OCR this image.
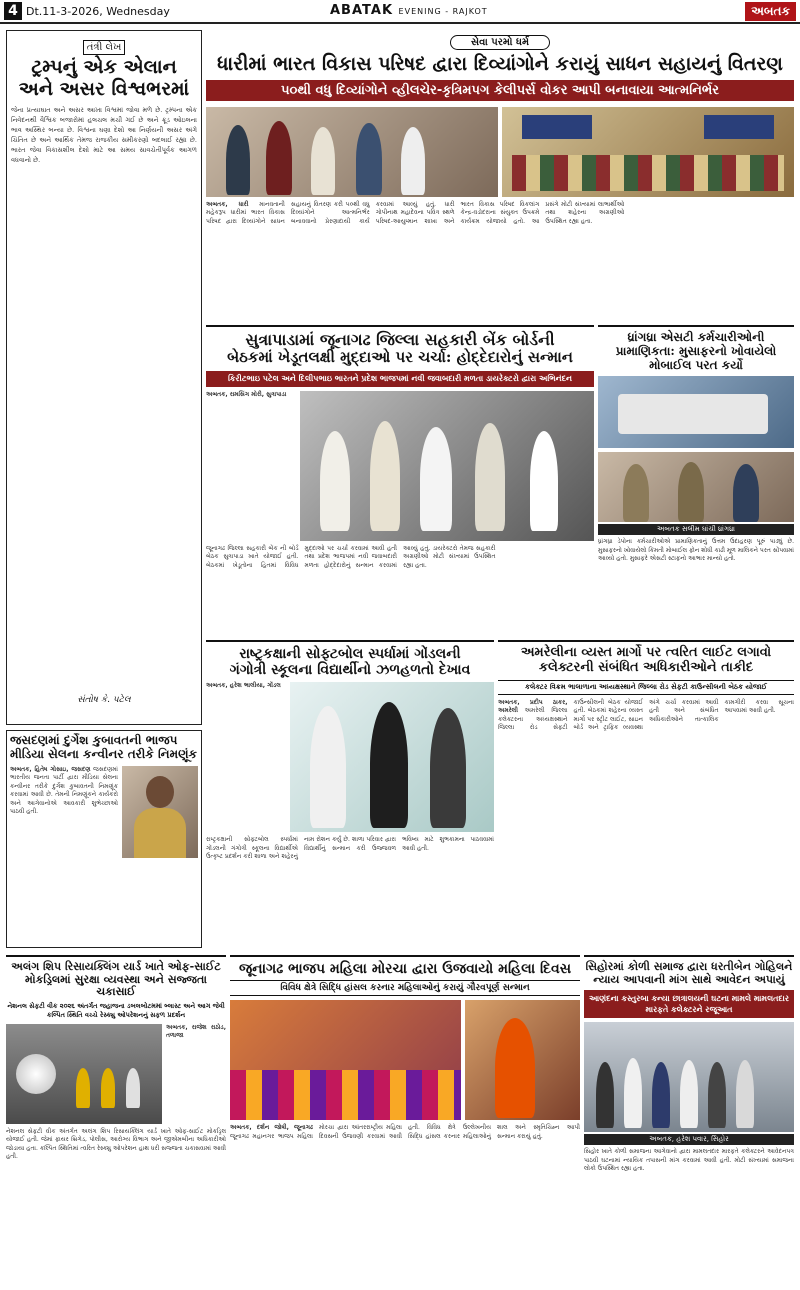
4 Dt.11-3-2026, Wednesday	ABATAK EVENING - RAJKOT	અબતક
તંત્રી લેખ
ટ્રમ્પનું એક એલાન અને અસર વિશ્વભરમાં
જેના પ્રત્યાઘાત અને અસર આખા વિશ્વમાં જોવા મળે છે. ટ્રમ્પના એક નિવેદનથી વૈશ્વિક બજારોમાં હલચલ મચી ગઈ છે અને ક્રૂડ ઓઇલના ભાવ અસ્થિર બન્યા છે. વિશ્વના ઘણા દેશો આ નિર્ણયની અસર અંગે ચિંતિત છે અને આર્થિક તેમજ રાજકીય સમીકરણો બદલાઈ રહ્યા છે. ભારત જેવા વિકાસશીલ દેશો માટે આ સમય સાવચેતીપૂર્વક આગળ વધવાનો છે.
સંતોષ કે. પટેલ
સેવા પરમો ધર્મ
ધારીમાં ભારત વિકાસ પરિષદ દ્વારા દિવ્યાંગોને કરાયું સાધન સહાયનું વિતરણ
૫૦થી વધુ દિવ્યાંગોને વ્હીલચેર-કૃત્રિમપગ કેલીપર્સ વોકર આપી બનાવાયા આત્મનિર્ભર
અબતક, ધારી માનવતાની મહેકરૂપ ધારીમાં ભારત વિકાસ પરિષદ દ્વારા દિવ્યાંગોને સાધન સહાયનું વિતરણ કરી ૫૦થી વધુ દિવ્યાંગોને આત્મનિર્ભર બનાવવાનો પ્રેરણાદાયી કાર્ય કરવામાં આવ્યું હતું. ધારી ગોપીનાથ મહાદેવના પવિત્ર સ્થળે પરિષદ-આયુષ્માન શાખા અને ભારત વિકાસ પરિષદ વિકલાંગ કેન્દ્ર-વડોદરાના સંયુક્ત ઉપક્રમે કાર્યક્રમ યોજાયો હતો. આ પ્રસંગે મોટી સંખ્યામાં લાભાર્થીઓ તથા શહેરના અગ્રણીઓ ઉપસ્થિત રહ્યા હતા.
સુત્રાપાડામાં જૂનાગઢ જિલ્લા સહકારી બેંક બોર્ડની
બેઠકમાં ખેડૂતલક્ષી મુદ્દાઓ પર ચર્ચા: હોદ્દેદારોનું સન્માન
કિરીટભાઇ પટેલ અને દિલીપભાઇ ભારતને પ્રદેશ ભાજપમાં નવી જવાબદારી મળતા ડાયરેક્ટરો દ્વારા અભિનંદન
અબતક, રામસિંગ મોરી, સુત્રાપાડા
જૂનાગઢ જિલ્લા સહકારી બેંક ની બોર્ડ બેઠક સુત્રાપાડા ખાતે યોજાઈ હતી. બેઠકમાં ખેડૂતોના હિતમાં વિવિધ મુદ્દાઓ પર ચર્ચા કરવામાં આવી હતી તથા પ્રદેશ ભાજપમાં નવી જવાબદારી મળતા હોદ્દેદારોનું સન્માન કરવામાં આવ્યું હતું. ડાયરેક્ટરો તેમજ સહકારી અગ્રણીઓ મોટી સંખ્યામાં ઉપસ્થિત રહ્યા હતા.
ધ્રાંગધ્રા એસટી કર્મચારીઓની પ્રામાણિકતા: મુસાફરનો ખોવાયેલો મોબાઈલ પરત કર્યો
અબતક સલીમ ઘાંચી ધ્રાંગધ્રા
ધ્રાંગધ્રા ડેપોના કર્મચારીઓએ પ્રામાણિકતાનું ઉત્તમ ઉદાહરણ પૂરું પાડ્યું છે. મુસાફરનો ખોવાયેલો કિંમતી મોબાઈલ ફોન શોધી કાઢી મૂળ માલિકને પરત સોંપવામાં આવ્યો હતો. મુસાફરે એસટી સ્ટાફનો આભાર માન્યો હતો.
જસદણમાં દુર્ગેશ કુબાવતની ભાજપ મીડિયા સેલના કન્વીનર તરીકે નિમણૂંક
અબતક, હિતેષ ગોસાઇ, જસદણ જસદણમાં ભારતીય જનતા પાર્ટી દ્વારા મીડિયા સેલના કન્વીનર તરીકે દુર્ગેશ કુબાવતની નિમણૂંક કરવામાં આવી છે. તેમની નિમણૂંકને કાર્યકરો અને આગેવાનોએ આવકારી શુભેચ્છાઓ પાઠવી હતી.
રાષ્ટ્રકક્ષાની સોફ્ટબોલ સ્પર્ધામાં ગોંડલની
ગંગોત્રી સ્કૂલના વિદ્યાર્થીનો ઝળહળતો દેખાવ
અબતક, હરેશ ભાલીયા, ગોંડલ
રાષ્ટ્રકક્ષાની સોફ્ટબોલ સ્પર્ધામાં ગોંડલની ગંગોત્રી સ્કૂલના વિદ્યાર્થીએ ઉત્કૃષ્ટ પ્રદર્શન કરી શાળા અને શહેરનું નામ રોશન કર્યું છે. શાળા પરિવાર દ્વારા વિદ્યાર્થીનું સન્માન કરી ઉજ્જવળ ભવિષ્ય માટે શુભકામના પાઠવવામાં આવી હતી.
અમરેલીના વ્યસ્ત માર્ગો પર ત્વરિત લાઈટ લગાવો
કલેક્ટરની સંબંધિત અધિકારીઓને તાકીદ
કલેક્ટર વિક્રમ ભાલાળાના અધ્યક્ષસ્થાને જિલ્લા રોડ સેફટી કાઉન્સીલની બેઠક યોજાઈ
અબતક, પ્રદીપ ઠાકર, અમરેલી અમરેલી જિલ્લા કલેક્ટરના અધ્યક્ષસ્થાને જિલ્લા રોડ સેફટી કાઉન્સીલની બેઠક યોજાઈ હતી. બેઠકમાં શહેરના વ્યસ્ત માર્ગો પર સ્ટ્રીટ લાઈટ, સાઇન બોર્ડ અને ટ્રાફિક વ્યવસ્થા અંગે ચર્ચા કરવામાં આવી હતી અને સંબંધિત અધિકારીઓને તાત્કાલિક કામગીરી કરવા સૂચના આપવામાં આવી હતી.
અલંગ શિપ રિસાયક્લિંગ યાર્ડ ખાતે ઓફ-સાઈટ
મોકડ્રિલમાં સુરક્ષા વ્યવસ્થા અને સજ્જતા ચકાસાઈ
નેશનલ સેફટી વીક ૨૦૨૬ અંતર્ગત જહાજના ડબલબોટમમાં બ્લાસ્ટ અને આગ જેવી કલ્પિત સ્થિતિ વચ્ચે રેસ્ક્યુ ઓપરેશનનું સફળ પ્રદર્શન
અબતક, રાજેશ રાઠોડ, તળાજા
નેશનલ સેફટી વીક અંતર્ગત અલંગ શિપ રિસાયક્લિંગ યાર્ડ ખાતે ઓફ-સાઈટ મોકડ્રિલ યોજાઈ હતી. જેમાં ફાયર બ્રિગેડ, પોલીસ, આરોગ્ય વિભાગ અને જીએમબીના અધિકારીઓ જોડાયા હતા. કલ્પિત સ્થિતિમાં ત્વરિત રેસ્ક્યુ ઓપરેશન હાથ ધરી સજ્જતા ચકાસવામાં આવી હતી.
જૂનાગઢ ભાજપ મહિલા મોરચા દ્વારા ઉજવાયો મહિલા દિવસ
વિવિધ ક્ષેત્રે સિદ્ધિ હાંસલ કરનાર મહિલાઓનું કરાયું ગૌરવપૂર્ણ સન્માન
અબતક, દર્શન જોષી, જૂનાગઢ જૂનાગઢ મહાનગર ભાજપ મહિલા મોરચા દ્વારા આંતરરાષ્ટ્રીય મહિલા દિવસની ઉજવણી કરવામાં આવી હતી. વિવિધ ક્ષેત્રે ઉલ્લેખનીય સિદ્ધિ હાંસલ કરનાર મહિલાઓનું શાલ અને સ્મૃતિચિહ્ન આપી સન્માન કરાયું હતું.
સિહોરમાં કોળી સમાજ દ્વારા ધરતીબેન ગોહિલને ન્યાય આપવાની માંગ સાથે આવેદન અપાયું
આણંદના કસ્તુરબા કન્યા છાત્રાલયની ઘટના મામલે મામલતદાર મારફતે કલેક્ટરને રજૂઆત
અબતક, હરેશ પવાર, સિહોર
સિહોર ખાતે કોળી સમાજના આગેવાનો દ્વારા મામલતદાર મારફતે કલેક્ટરને આવેદનપત્ર પાઠવી ઘટનામાં ન્યાયિક તપાસની માંગ કરવામાં આવી હતી. મોટી સંખ્યામાં સમાજના લોકો ઉપસ્થિત રહ્યા હતા.
